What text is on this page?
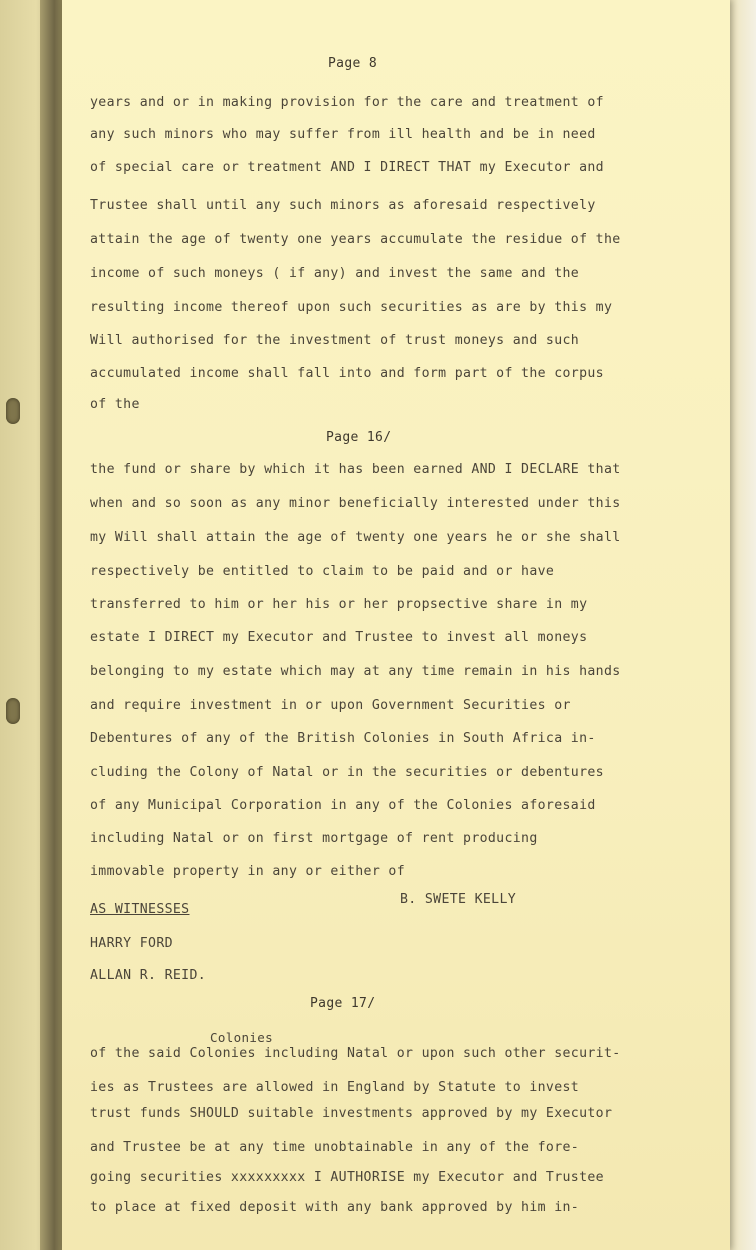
Page 8
years and or in making provision for the care and treatment of
any such minors who may suffer from ill health and be in need
of special care or treatment AND I DIRECT THAT my Executor and
Trustee shall until any such minors as aforesaid respectively
attain the age of twenty one years accumulate the residue of the
income of such moneys ( if any) and invest the same and the
resulting income thereof upon such securities as are by this my
Will authorised for the investment of trust moneys and such
accumulated income shall fall into and form part of the corpus
of the
Page 16/
the fund or share by which it has been earned AND I DECLARE that
when and so soon as any minor beneficially interested under this
my Will shall attain the age of twenty one years he or she shall
respectively be entitled to claim to be paid and or have
transferred to him or her his or her propsective share in my
estate I DIRECT my Executor and Trustee to invest all moneys
belonging to my estate which may at any time remain in his hands
and require investment in or upon Government Securities or
Debentures of any of the British Colonies in South Africa in-
cluding the Colony of Natal or in the securities or debentures
of any Municipal Corporation in any of the Colonies aforesaid
including Natal or on first mortgage of rent producing
immovable property in any or either of
B. SWETE KELLY
AS WITNESSES
HARRY FORD
ALLAN R. REID.
Page 17/
Colonies
of the said Colonies including Natal or upon such other securit-
ies as Trustees are allowed in England by Statute to invest
trust funds SHOULD suitable investments approved by my Executor
and Trustee be at any time unobtainable in any of the fore-
going securities xxxxxxxxx I AUTHORISE my Executor and Trustee
to place at fixed deposit with any bank approved by him in-
